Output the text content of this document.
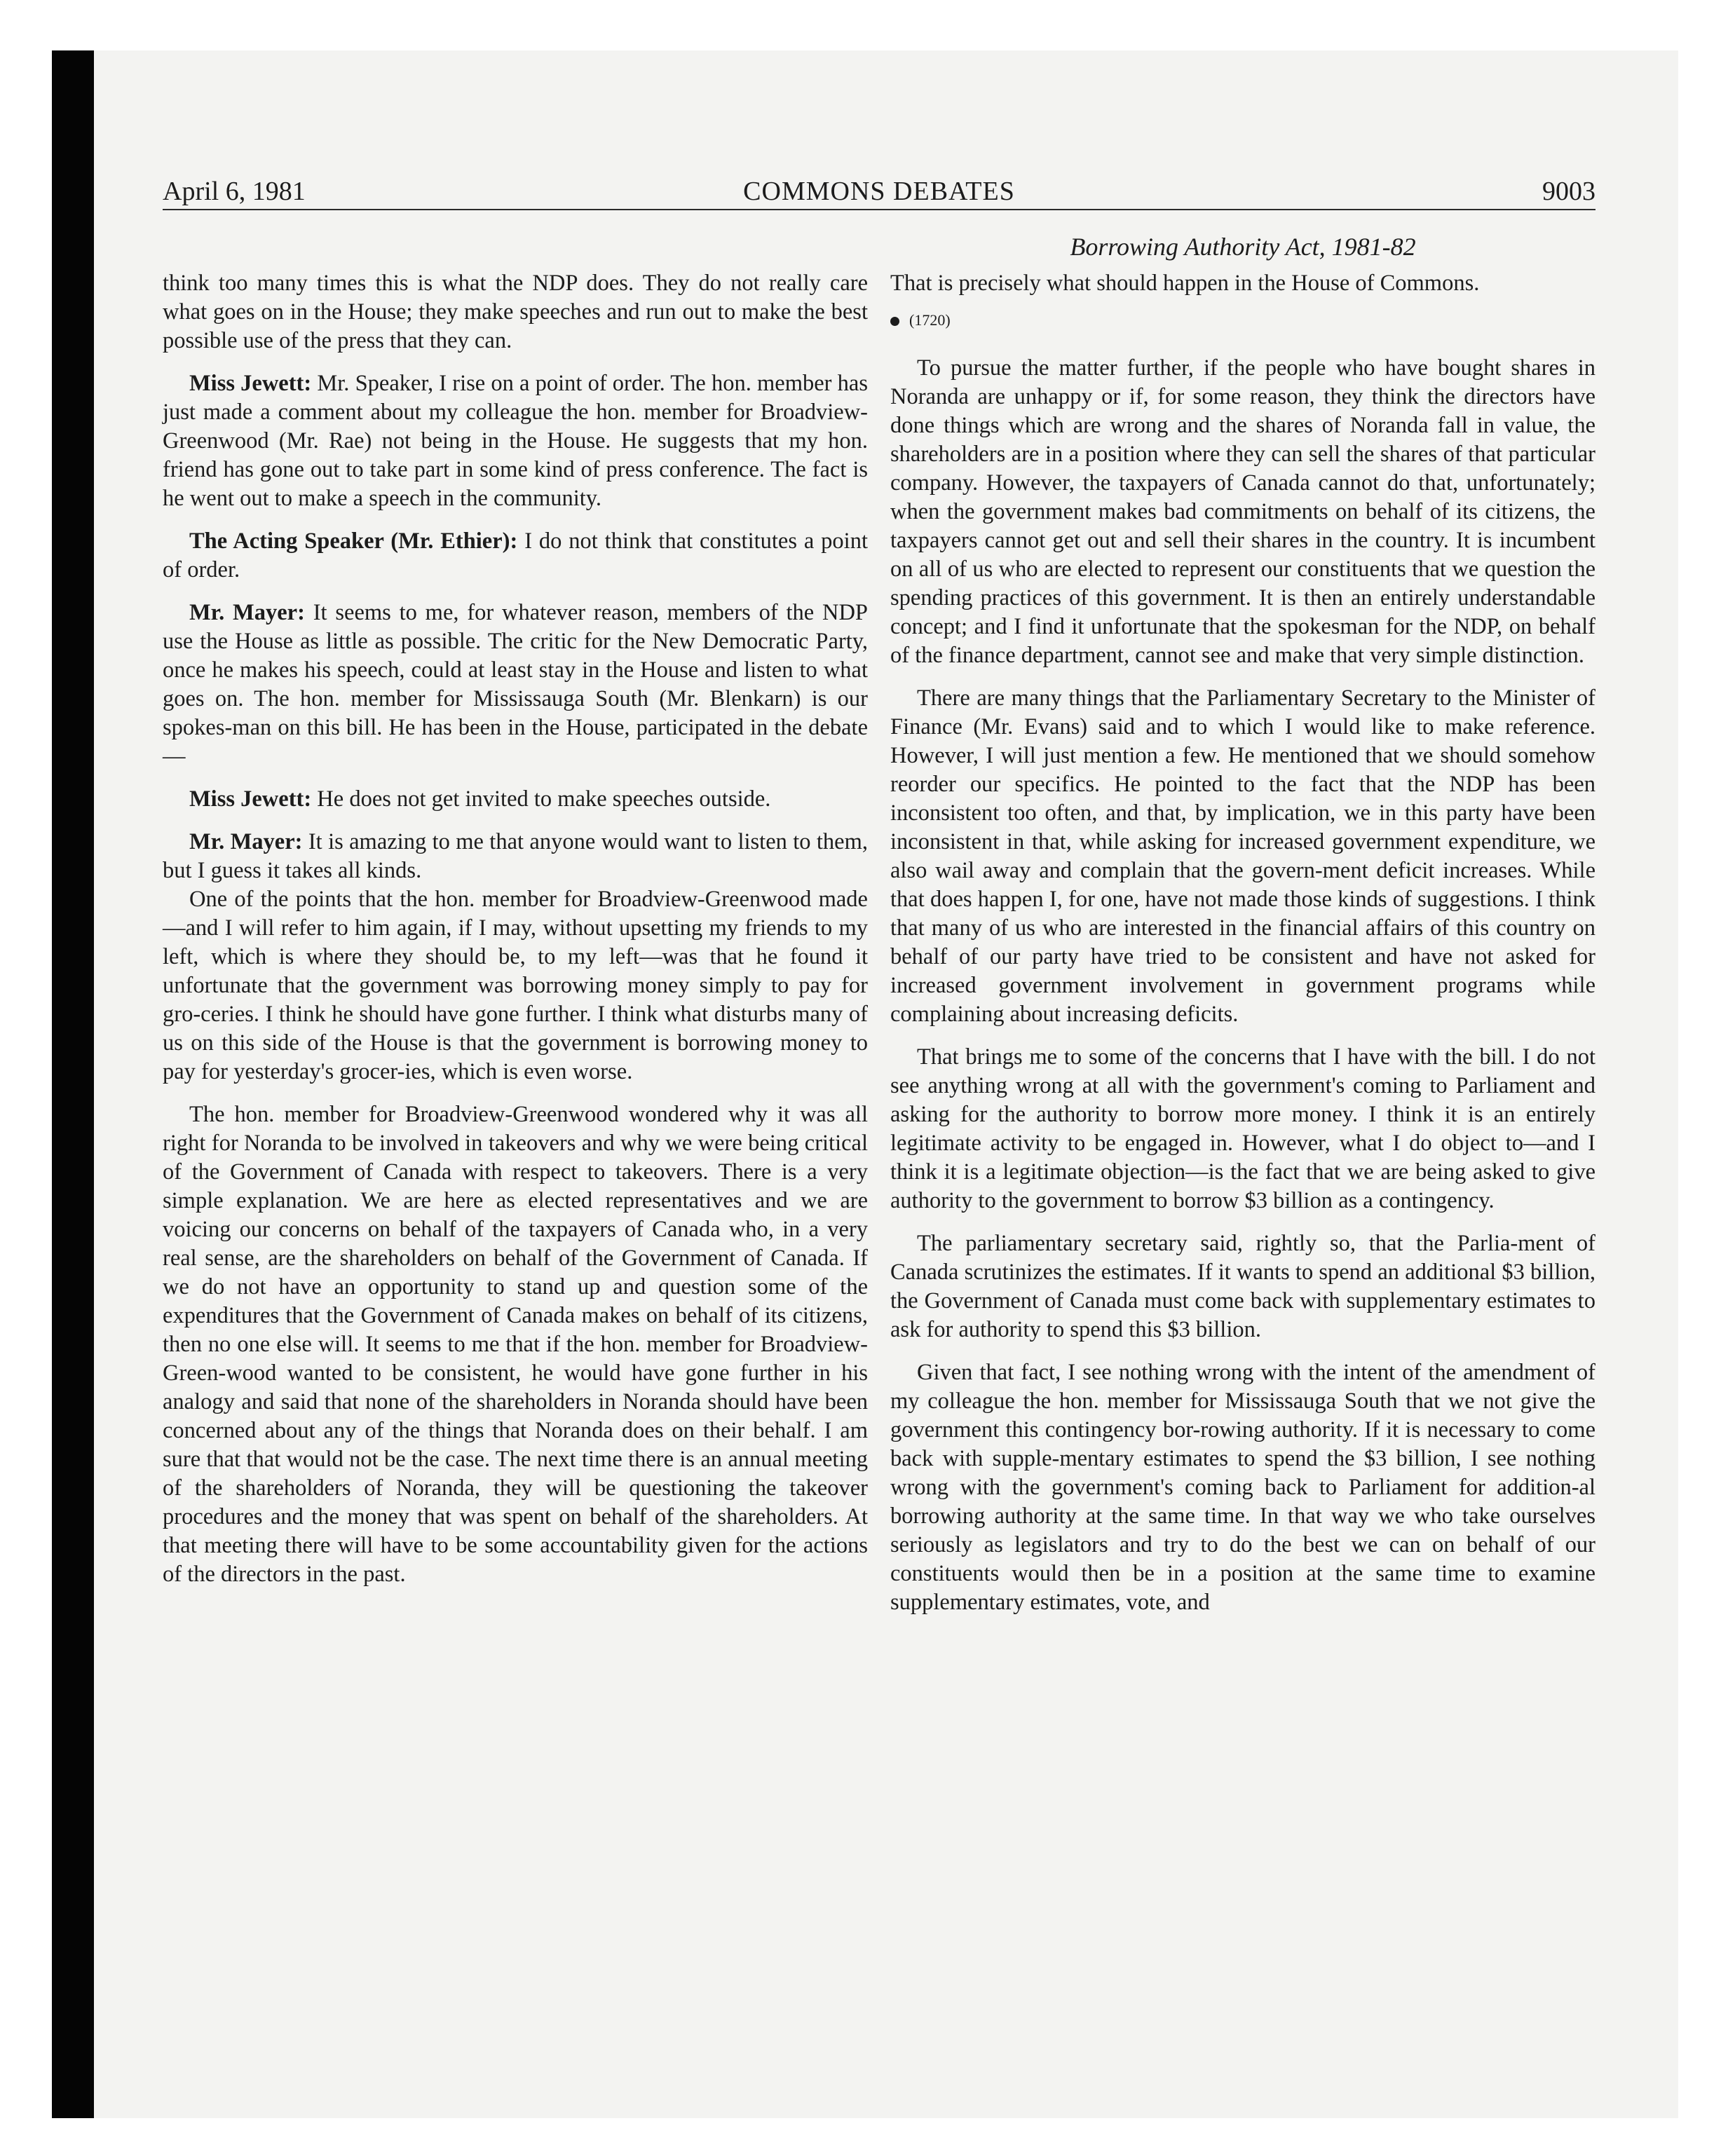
April 6, 1981	COMMONS DEBATES	9003
Borrowing Authority Act, 1981-82

think too many times this is what the NDP does. They do not really care what goes on in the House; they make speeches and run out to make the best possible use of the press that they can.

Miss Jewett: Mr. Speaker, I rise on a point of order. The hon. member has just made a comment about my colleague the hon. member for Broadview-Greenwood (Mr. Rae) not being in the House. He suggests that my hon. friend has gone out to take part in some kind of press conference. The fact is he went out to make a speech in the community.

The Acting Speaker (Mr. Ethier): I do not think that constitutes a point of order.

Mr. Mayer: It seems to me, for whatever reason, members of the NDP use the House as little as possible. The critic for the New Democratic Party, once he makes his speech, could at least stay in the House and listen to what goes on. The hon. member for Mississauga South (Mr. Blenkarn) is our spokes-man on this bill. He has been in the House, participated in the debate—

Miss Jewett: He does not get invited to make speeches outside.

Mr. Mayer: It is amazing to me that anyone would want to listen to them, but I guess it takes all kinds.

One of the points that the hon. member for Broadview-Greenwood made—and I will refer to him again, if I may, without upsetting my friends to my left, which is where they should be, to my left—was that he found it unfortunate that the government was borrowing money simply to pay for gro-ceries. I think he should have gone further. I think what disturbs many of us on this side of the House is that the government is borrowing money to pay for yesterday's grocer-ies, which is even worse.

The hon. member for Broadview-Greenwood wondered why it was all right for Noranda to be involved in takeovers and why we were being critical of the Government of Canada with respect to takeovers. There is a very simple explanation. We are here as elected representatives and we are voicing our concerns on behalf of the taxpayers of Canada who, in a very real sense, are the shareholders on behalf of the Government of Canada. If we do not have an opportunity to stand up and question some of the expenditures that the Government of Canada makes on behalf of its citizens, then no one else will. It seems to me that if the hon. member for Broadview-Green-wood wanted to be consistent, he would have gone further in his analogy and said that none of the shareholders in Noranda should have been concerned about any of the things that Noranda does on their behalf. I am sure that that would not be the case. The next time there is an annual meeting of the shareholders of Noranda, they will be questioning the takeover procedures and the money that was spent on behalf of the shareholders. At that meeting there will have to be some accountability given for the actions of the directors in the past.

That is precisely what should happen in the House of Commons.

(1720)

To pursue the matter further, if the people who have bought shares in Noranda are unhappy or if, for some reason, they think the directors have done things which are wrong and the shares of Noranda fall in value, the shareholders are in a position where they can sell the shares of that particular company. However, the taxpayers of Canada cannot do that, unfortunately; when the government makes bad commitments on behalf of its citizens, the taxpayers cannot get out and sell their shares in the country. It is incumbent on all of us who are elected to represent our constituents that we question the spending practices of this government. It is then an entirely understandable concept; and I find it unfortunate that the spokesman for the NDP, on behalf of the finance department, cannot see and make that very simple distinction.

There are many things that the Parliamentary Secretary to the Minister of Finance (Mr. Evans) said and to which I would like to make reference. However, I will just mention a few. He mentioned that we should somehow reorder our specifics. He pointed to the fact that the NDP has been inconsistent too often, and that, by implication, we in this party have been inconsistent in that, while asking for increased government expenditure, we also wail away and complain that the govern-ment deficit increases. While that does happen I, for one, have not made those kinds of suggestions. I think that many of us who are interested in the financial affairs of this country on behalf of our party have tried to be consistent and have not asked for increased government involvement in government programs while complaining about increasing deficits.

That brings me to some of the concerns that I have with the bill. I do not see anything wrong at all with the government's coming to Parliament and asking for the authority to borrow more money. I think it is an entirely legitimate activity to be engaged in. However, what I do object to—and I think it is a legitimate objection—is the fact that we are being asked to give authority to the government to borrow $3 billion as a contingency.

The parliamentary secretary said, rightly so, that the Parlia-ment of Canada scrutinizes the estimates. If it wants to spend an additional $3 billion, the Government of Canada must come back with supplementary estimates to ask for authority to spend this $3 billion.

Given that fact, I see nothing wrong with the intent of the amendment of my colleague the hon. member for Mississauga South that we not give the government this contingency bor-rowing authority. If it is necessary to come back with supple-mentary estimates to spend the $3 billion, I see nothing wrong with the government's coming back to Parliament for addition-al borrowing authority at the same time. In that way we who take ourselves seriously as legislators and try to do the best we can on behalf of our constituents would then be in a position at the same time to examine supplementary estimates, vote, and
